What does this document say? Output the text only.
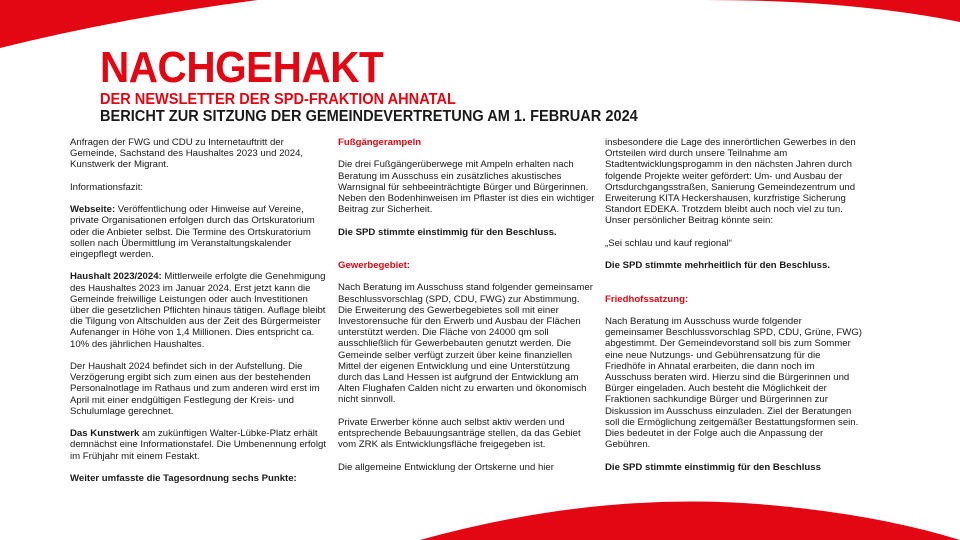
NACHGEHAKT
DER NEWSLETTER DER SPD-FRAKTION AHNATAL
BERICHT ZUR SITZUNG DER GEMEINDEVERTRETUNG AM 1. FEBRUAR 2024

Anfragen der FWG und CDU zu Internetauftritt der Gemeinde, Sachstand des Haushaltes 2023 und 2024, Kunstwerk der Migrant.

Informationsfazit:

Webseite: Veröffentlichung oder Hinweise auf Vereine, private Organisationen erfolgen durch das Ortskuratorium oder die Anbieter selbst. Die Termine des Ortskuratorium sollen nach Übermittlung im Veranstaltungskalender eingepflegt werden.

Haushalt 2023/2024: Mittlerweile erfolgte die Genehmigung des Haushaltes 2023 im Januar 2024. Erst jetzt kann die Gemeinde freiwillige Leistungen oder auch Investitionen über die gesetzlichen Pflichten hinaus tätigen. Auflage bleibt die Tilgung von Altschulden aus der Zeit des Bürgermeister Aufenanger in Höhe von 1,4 Millionen. Dies entspricht ca. 10% des jährlichen Haushaltes.

Der Haushalt 2024 befindet sich in der Aufstellung. Die Verzögerung ergibt sich zum einen aus der bestehenden Personalnotlage im Rathaus und zum anderen wird erst im April mit einer endgültigen Festlegung der Kreis- und Schulumlage gerechnet.

Das Kunstwerk am zukünftigen Walter-Lübke-Platz erhält demnächst eine Informationstafel. Die Umbenennung erfolgt im Frühjahr mit einem Festakt.

Weiter umfasste die Tagesordnung sechs Punkte:

Fußgängerampeln

Die drei Fußgängerüberwege mit Ampeln erhalten nach Beratung im Ausschuss ein zusätzliches akustisches Warnsignal für sehbeeinträchtigte Bürger und Bürgerinnen. Neben den Bodenhinweisen im Pflaster ist dies ein wichtiger Beitrag zur Sicherheit.

Die SPD stimmte einstimmig für den Beschluss.

Gewerbegebiet:

Nach Beratung im Ausschuss stand folgender gemeinsamer Beschlussvorschlag (SPD, CDU, FWG) zur Abstimmung. Die Erweiterung des Gewerbegebietes soll mit einer Investorensuche für den Erwerb und Ausbau der Flächen unterstützt werden. Die Fläche von 24000 qm soll ausschließlich für Gewerbebauten genutzt werden. Die Gemeinde selber verfügt zurzeit über keine finanziellen Mittel der eigenen Entwicklung und eine Unterstützung durch das Land Hessen ist aufgrund der Entwicklung am Alten Flughafen Calden nicht zu erwarten und ökonomisch nicht sinnvoll.

Private Erwerber könne auch selbst aktiv werden und entsprechende Bebauungsanträge stellen, da das Gebiet vom ZRK als Entwicklungsfläche freigegeben ist.

Die allgemeine Entwicklung der Ortskerne und hier

insbesondere die Lage des innerörtlichen Gewerbes in den Ortsteilen wird durch unsere Teilnahme am Stadtentwicklungsprogamm in den nächsten Jahren durch folgende Projekte weiter gefördert: Um- und Ausbau der Ortsdurchgangsstraßen, Sanierung Gemeindezentrum und Erweiterung KITA Heckershausen, kurzfristige Sicherung Standort EDEKA. Trotzdem bleibt auch noch viel zu tun. Unser persönlicher Beitrag könnte sein:

„Sei schlau und kauf regional“

Die SPD stimmte mehrheitlich für den Beschluss.

Friedhofssatzung:

Nach Beratung im Ausschuss wurde folgender gemeinsamer Beschlussvorschlag SPD, CDU, Grüne, FWG) abgestimmt. Der Gemeindevorstand soll bis zum Sommer eine neue Nutzungs- und Gebührensatzung für die Friedhöfe in Ahnatal erarbeiten, die dann noch im Ausschuss beraten wird. Hierzu sind die Bürgerinnen und Bürger eingeladen. Auch besteht die Möglichkeit der Fraktionen sachkundige Bürger und Bürgerinnen zur Diskussion im Ausschuss einzuladen. Ziel der Beratungen soll die Ermöglichung zeitgemäßer Bestattungsformen sein. Dies bedeutet in der Folge auch die Anpassung der Gebühren.

Die SPD stimmte einstimmig für den Beschluss
